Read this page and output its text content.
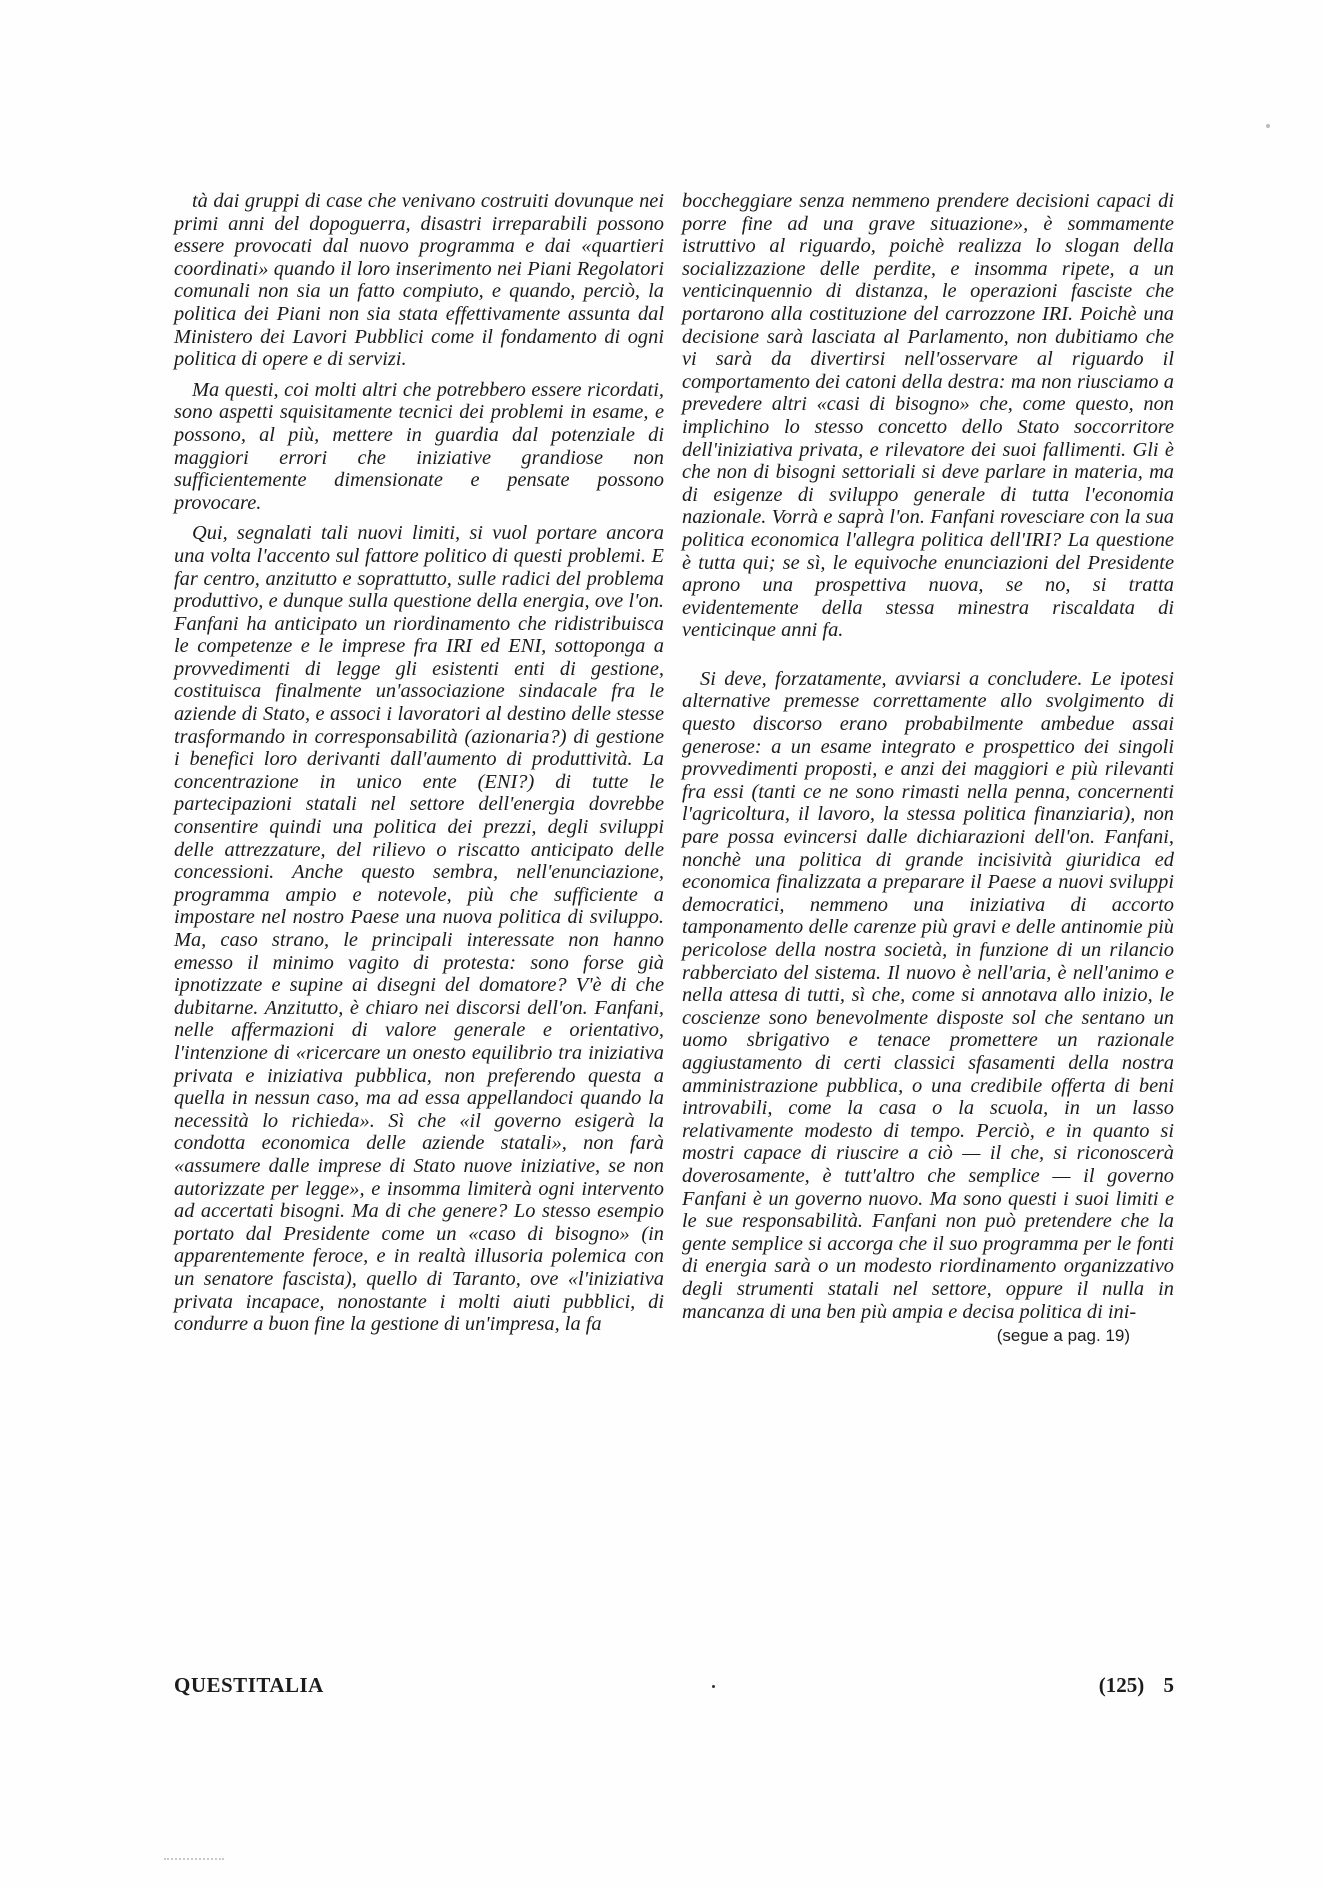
tà dai gruppi di case che venivano costruiti dovunque nei primi anni del dopoguerra, disastri irreparabili possono essere provocati dal nuovo programma e dai «quartieri coordinati» quando il loro inserimento nei Piani Regolatori comunali non sia un fatto compiuto, e quando, perciò, la politica dei Piani non sia stata effettivamente assunta dal Ministero dei Lavori Pubblici come il fondamento di ogni politica di opere e di servizi.

Ma questi, coi molti altri che potrebbero essere ricordati, sono aspetti squisitamente tecnici dei problemi in esame, e possono, al più, mettere in guardia dal potenziale di maggiori errori che iniziative grandiose non sufficientemente dimensionate e pensate possono provocare.

Qui, segnalati tali nuovi limiti, si vuol portare ancora una volta l'accento sul fattore politico di questi problemi. E far centro, anzitutto e soprattutto, sulle radici del problema produttivo, e dunque sulla questione della energia, ove l'on. Fanfani ha anticipato un riordinamento che ridistribuisca le competenze e le imprese fra IRI ed ENI, sottoponga a provvedimenti di legge gli esistenti enti di gestione, costituisca finalmente un'associazione sindacale fra le aziende di Stato, e associ i lavoratori al destino delle stesse trasformando in corresponsabilità (azionaria?) di gestione i benefici loro derivanti dall'aumento di produttività. La concentrazione in unico ente (ENI?) di tutte le partecipazioni statali nel settore dell'energia dovrebbe consentire quindi una politica dei prezzi, degli sviluppi delle attrezzature, del rilievo o riscatto anticipato delle concessioni. Anche questo sembra, nell'enunciazione, programma ampio e notevole, più che sufficiente a impostare nel nostro Paese una nuova politica di sviluppo. Ma, caso strano, le principali interessate non hanno emesso il minimo vagito di protesta: sono forse già ipnotizzate e supine ai disegni del domatore? V'è di che dubitarne. Anzitutto, è chiaro nei discorsi dell'on. Fanfani, nelle affermazioni di valore generale e orientativo, l'intenzione di «ricercare un onesto equilibrio tra iniziativa privata e iniziativa pubblica, non preferendo questa a quella in nessun caso, ma ad essa appellandoci quando la necessità lo richieda». Sì che «il governo esigerà la condotta economica delle aziende statali», non farà «assumere dalle imprese di Stato nuove iniziative, se non autorizzate per legge», e insomma limiterà ogni intervento ad accertati bisogni. Ma di che genere? Lo stesso esempio portato dal Presidente come un «caso di bisogno» (in apparentemente feroce, e in realtà illusoria polemica con un senatore fascista), quello di Taranto, ove «l'iniziativa privata incapace, nonostante i molti aiuti pubblici, di condurre a buon fine la gestione di un'impresa, la fa

boccheggiare senza nemmeno prendere decisioni capaci di porre fine ad una grave situazione», è sommamente istruttivo al riguardo, poichè realizza lo slogan della socializzazione delle perdite, e insomma ripete, a un venticinquennio di distanza, le operazioni fasciste che portarono alla costituzione del carrozzone IRI. Poichè una decisione sarà lasciata al Parlamento, non dubitiamo che vi sarà da divertirsi nell'osservare al riguardo il comportamento dei catoni della destra: ma non riusciamo a prevedere altri «casi di bisogno» che, come questo, non implichino lo stesso concetto dello Stato soccorritore dell'iniziativa privata, e rilevatore dei suoi fallimenti. Gli è che non di bisogni settoriali si deve parlare in materia, ma di esigenze di sviluppo generale di tutta l'economia nazionale. Vorrà e saprà l'on. Fanfani rovesciare con la sua politica economica l'allegra politica dell'IRI? La questione è tutta qui; se sì, le equivoche enunciazioni del Presidente aprono una prospettiva nuova, se no, si tratta evidentemente della stessa minestra riscaldata di venticinque anni fa.

Si deve, forzatamente, avviarsi a concludere. Le ipotesi alternative premesse correttamente allo svolgimento di questo discorso erano probabilmente ambedue assai generose: a un esame integrato e prospettico dei singoli provvedimenti proposti, e anzi dei maggiori e più rilevanti fra essi (tanti ce ne sono rimasti nella penna, concernenti l'agricoltura, il lavoro, la stessa politica finanziaria), non pare possa evincersi dalle dichiarazioni dell'on. Fanfani, nonchè una politica di grande incisività giuridica ed economica finalizzata a preparare il Paese a nuovi sviluppi democratici, nemmeno una iniziativa di accorto tamponamento delle carenze più gravi e delle antinomie più pericolose della nostra società, in funzione di un rilancio rabberciato del sistema. Il nuovo è nell'aria, è nell'animo e nella attesa di tutti, sì che, come si annotava allo inizio, le coscienze sono benevolmente disposte sol che sentano un uomo sbrigativo e tenace promettere un razionale aggiustamento di certi classici sfasamenti della nostra amministrazione pubblica, o una credibile offerta di beni introvabili, come la casa o la scuola, in un lasso relativamente modesto di tempo. Perciò, e in quanto si mostri capace di riuscire a ciò — il che, si riconoscerà doverosamente, è tutt'altro che semplice — il governo Fanfani è un governo nuovo. Ma sono questi i suoi limiti e le sue responsabilità. Fanfani non può pretendere che la gente semplice si accorga che il suo programma per le fonti di energia sarà o un modesto riordinamento organizzativo degli strumenti statali nel settore, oppure il nulla in mancanza di una ben più ampia e decisa politica di ini-

(segue a pag. 19)

QUESTITALIA	(125) 5
